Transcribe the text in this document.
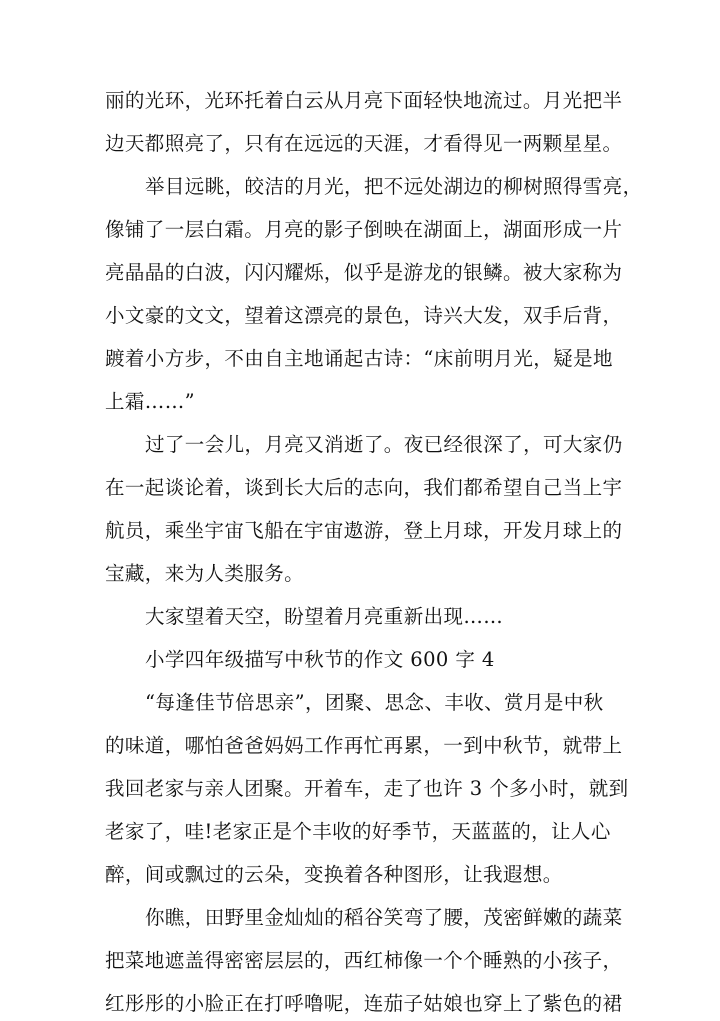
丽的光环，光环托着白云从月亮下面轻快地流过。月光把半
边天都照亮了，只有在远远的天涯，才看得见一两颗星星。
举目远眺，皎洁的月光，把不远处湖边的柳树照得雪亮，
像铺了一层白霜。月亮的影子倒映在湖面上，湖面形成一片
亮晶晶的白波，闪闪耀烁，似乎是游龙的银鳞。被大家称为
小文豪的文文，望着这漂亮的景色，诗兴大发，双手后背，
踱着小方步，不由自主地诵起古诗：“床前明月光，疑是地
上霜……”
过了一会儿，月亮又消逝了。夜已经很深了，可大家仍
在一起谈论着，谈到长大后的志向，我们都希望自己当上宇
航员，乘坐宇宙飞船在宇宙遨游，登上月球，开发月球上的
宝藏，来为人类服务。
大家望着天空，盼望着月亮重新出现……
小学四年级描写中秋节的作文 600 字 4
“每逢佳节倍思亲”，团聚、思念、丰收、赏月是中秋
的味道，哪怕爸爸妈妈工作再忙再累，一到中秋节，就带上
我回老家与亲人团聚。开着车，走了也许 3 个多小时，就到
老家了，哇!老家正是个丰收的好季节，天蓝蓝的，让人心
醉，间或飘过的云朵，变换着各种图形，让我遐想。
你瞧，田野里金灿灿的稻谷笑弯了腰，茂密鲜嫩的蔬菜
把菜地遮盖得密密层层的，西红柿像一个个睡熟的小孩子，
红彤彤的小脸正在打呼噜呢，连茄子姑娘也穿上了紫色的裙
